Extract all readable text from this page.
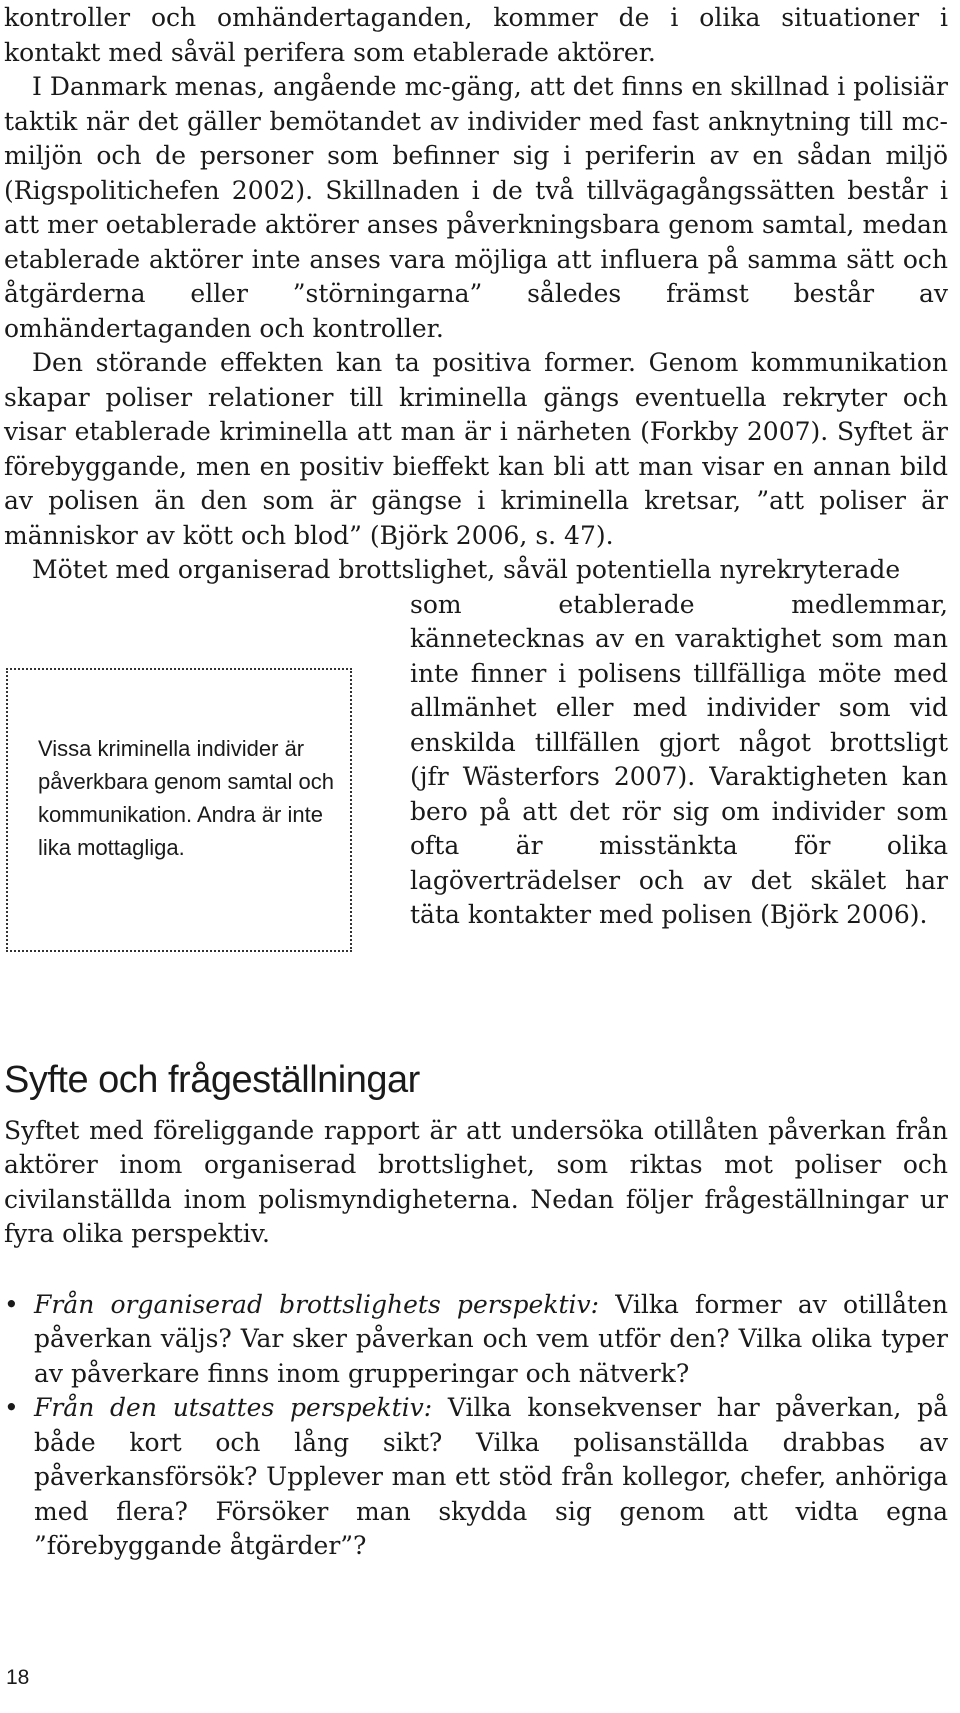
kontroller och omhändertaganden, kommer de i olika situationer i kontakt med såväl perifera som etablerade aktörer.

I Danmark menas, angående mc-gäng, att det finns en skillnad i polisiär taktik när det gäller bemötandet av individer med fast anknytning till mc-miljön och de personer som befinner sig i periferin av en sådan miljö (Rigspolitichefen 2002). Skillnaden i de två tillvägagångssätten består i att mer oetablerade aktörer anses påverkningsbara genom samtal, medan etablerade aktörer inte anses vara möjliga att influera på samma sätt och åtgärderna eller ”störningarna” således främst består av omhändertaganden och kontroller.

Den störande effekten kan ta positiva former. Genom kommunikation skapar poliser relationer till kriminella gängs eventuella rekryter och visar etablerade kriminella att man är i närheten (Forkby 2007). Syftet är förebyggande, men en positiv bieffekt kan bli att man visar en annan bild av polisen än den som är gängse i kriminella kretsar, ”att poliser är människor av kött och blod” (Björk 2006, s. 47).

Mötet med organiserad brottslighet, såväl potentiella nyrekryterade

Vissa kriminella individer är påverkbara genom samtal och kommunikation. Andra är inte lika mottagliga.

som etablerade medlemmar, kännetecknas av en varaktighet som man inte finner i polisens tillfälliga möte med allmänhet eller med individer som vid enskilda tillfällen gjort något brottsligt (jfr Wästerfors 2007). Varaktigheten kan bero på att det rör sig om individer som ofta är misstänkta för olika lagöverträdelser och av det skälet har täta kontakter med polisen (Björk 2006).

Syfte och frågeställningar

Syftet med föreliggande rapport är att undersöka otillåten påverkan från aktörer inom organiserad brottslighet, som riktas mot poliser och civilanställda inom polismyndigheterna. Nedan följer frågeställningar ur fyra olika perspektiv.

• Från organiserad brottslighets perspektiv: Vilka former av otillåten påverkan väljs? Var sker påverkan och vem utför den? Vilka olika typer av påverkare finns inom grupperingar och nätverk?
• Från den utsattes perspektiv: Vilka konsekvenser har påverkan, på både kort och lång sikt? Vilka polisanställda drabbas av påverkansförsök? Upplever man ett stöd från kollegor, chefer, anhöriga med flera? Försöker man skydda sig genom att vidta egna ”förebyggande åtgärder”?
18
